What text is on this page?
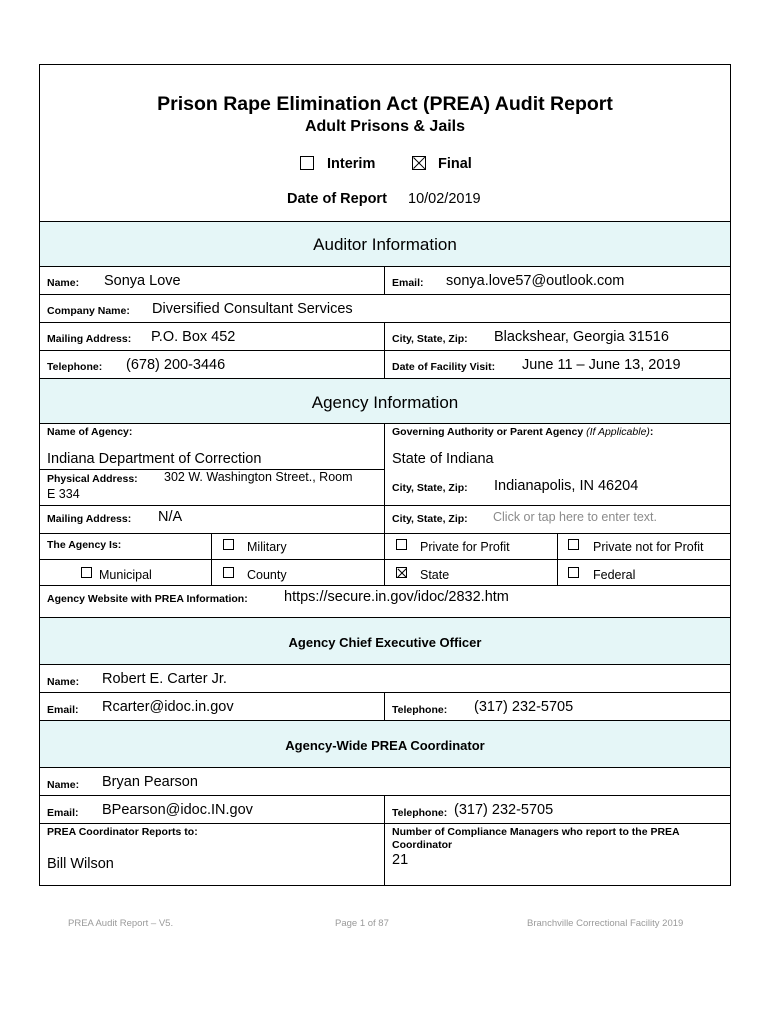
Prison Rape Elimination Act (PREA) Audit Report
Adult Prisons & Jails
Interim	Final
Date of Report 10/02/2019
Auditor Information
Name: Sonya Love	Email: sonya.love57@outlook.com
Company Name: Diversified Consultant Services
Mailing Address: P.O. Box 452	City, State, Zip: Blackshear, Georgia 31516
Telephone: (678) 200-3446	Date of Facility Visit: June 11 – June 13, 2019
Agency Information
Name of Agency:
Indiana Department of Correction
Governing Authority or Parent Agency (If Applicable):
State of Indiana
Physical Address: 302 W. Washington Street., Room
E 334	City, State, Zip: Indianapolis, IN 46204
Mailing Address: N/A	City, State, Zip: Click or tap here to enter text.
The Agency Is:	Military	Private for Profit	Private not for Profit
Municipal	County	State	Federal
Agency Website with PREA Information:	https://secure.in.gov/idoc/2832.htm
Agency Chief Executive Officer
Name: Robert E. Carter Jr.
Email: Rcarter@idoc.in.gov	Telephone: (317) 232-5705
Agency-Wide PREA Coordinator
Name: Bryan Pearson
Email: BPearson@idoc.IN.gov	Telephone: (317) 232-5705
PREA Coordinator Reports to:
Bill Wilson
Number of Compliance Managers who report to the PREA
Coordinator
21
PREA Audit Report – V5.	Page 1 of 87	Branchville Correctional Facility 2019
